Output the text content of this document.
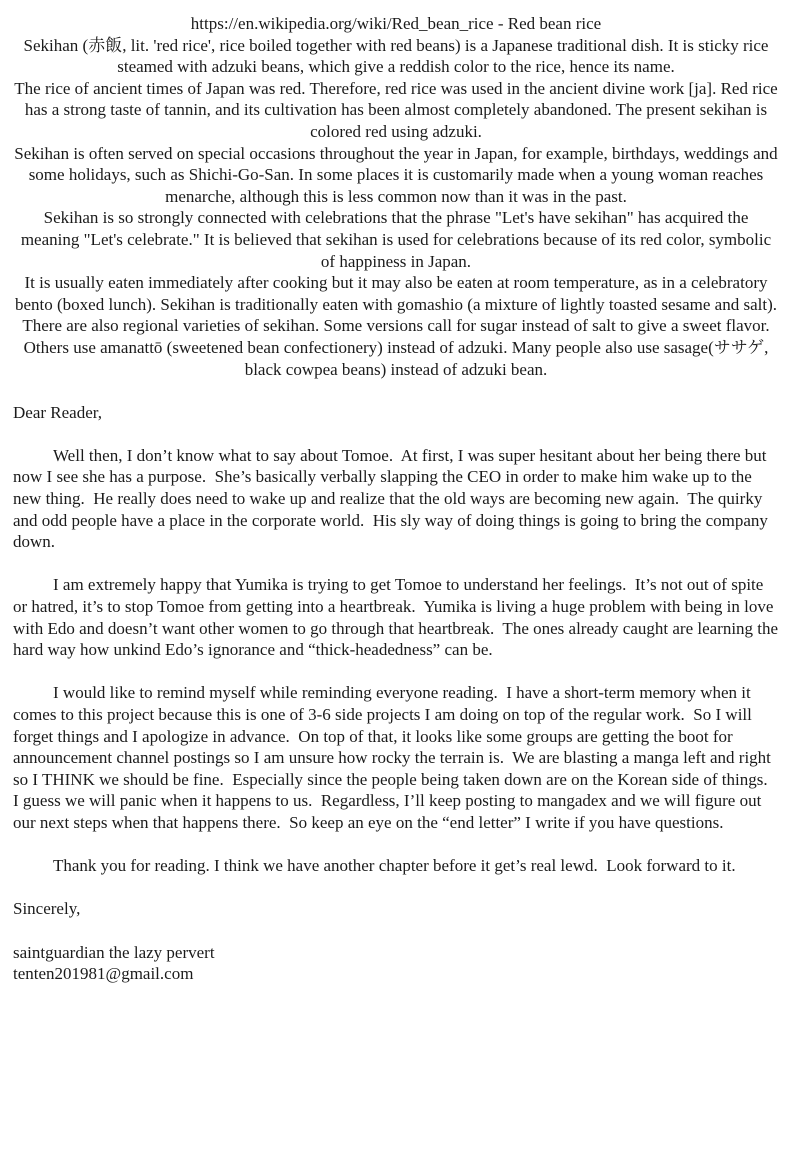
https://en.wikipedia.org/wiki/Red_bean_rice - Red bean rice

Sekihan (赤飯, lit. 'red rice', rice boiled together with red beans) is a Japanese traditional dish. It is sticky rice steamed with adzuki beans, which give a reddish color to the rice, hence its name.

The rice of ancient times of Japan was red. Therefore, red rice was used in the ancient divine work [ja]. Red rice has a strong taste of tannin, and its cultivation has been almost completely abandoned. The present sekihan is colored red using adzuki.

Sekihan is often served on special occasions throughout the year in Japan, for example, birthdays, weddings and some holidays, such as Shichi-Go-San. In some places it is customarily made when a young woman reaches menarche, although this is less common now than it was in the past.

Sekihan is so strongly connected with celebrations that the phrase "Let's have sekihan" has acquired the meaning "Let's celebrate." It is believed that sekihan is used for celebrations because of its red color, symbolic of happiness in Japan.

It is usually eaten immediately after cooking but it may also be eaten at room temperature, as in a celebratory bento (boxed lunch). Sekihan is traditionally eaten with gomashio (a mixture of lightly toasted sesame and salt).

There are also regional varieties of sekihan. Some versions call for sugar instead of salt to give a sweet flavor. Others use amanattō (sweetened bean confectionery) instead of adzuki. Many people also use sasage(ササゲ, black cowpea beans) instead of adzuki bean.

Dear Reader,

Well then, I don’t know what to say about Tomoe.  At first, I was super hesitant about her being there but now I see she has a purpose.  She’s basically verbally slapping the CEO in order to make him wake up to the new thing.  He really does need to wake up and realize that the old ways are becoming new again.  The quirky and odd people have a place in the corporate world.  His sly way of doing things is going to bring the company down.

I am extremely happy that Yumika is trying to get Tomoe to understand her feelings.  It’s not out of spite or hatred, it’s to stop Tomoe from getting into a heartbreak.  Yumika is living a huge problem with being in love with Edo and doesn’t want other women to go through that heartbreak.  The ones already caught are learning the hard way how unkind Edo’s ignorance and “thick-headedness” can be.

I would like to remind myself while reminding everyone reading.  I have a short-term memory when it comes to this project because this is one of 3-6 side projects I am doing on top of the regular work.  So I will forget things and I apologize in advance.  On top of that, it looks like some groups are getting the boot for announcement channel postings so I am unsure how rocky the terrain is.  We are blasting a manga left and right so I THINK we should be fine.  Especially since the people being taken down are on the Korean side of things.  I guess we will panic when it happens to us.  Regardless, I’ll keep posting to mangadex and we will figure out our next steps when that happens there.  So keep an eye on the “end letter” I write if you have questions.

Thank you for reading. I think we have another chapter before it get’s real lewd.  Look forward to it.

Sincerely,

saintguardian the lazy pervert

tenten201981@gmail.com
